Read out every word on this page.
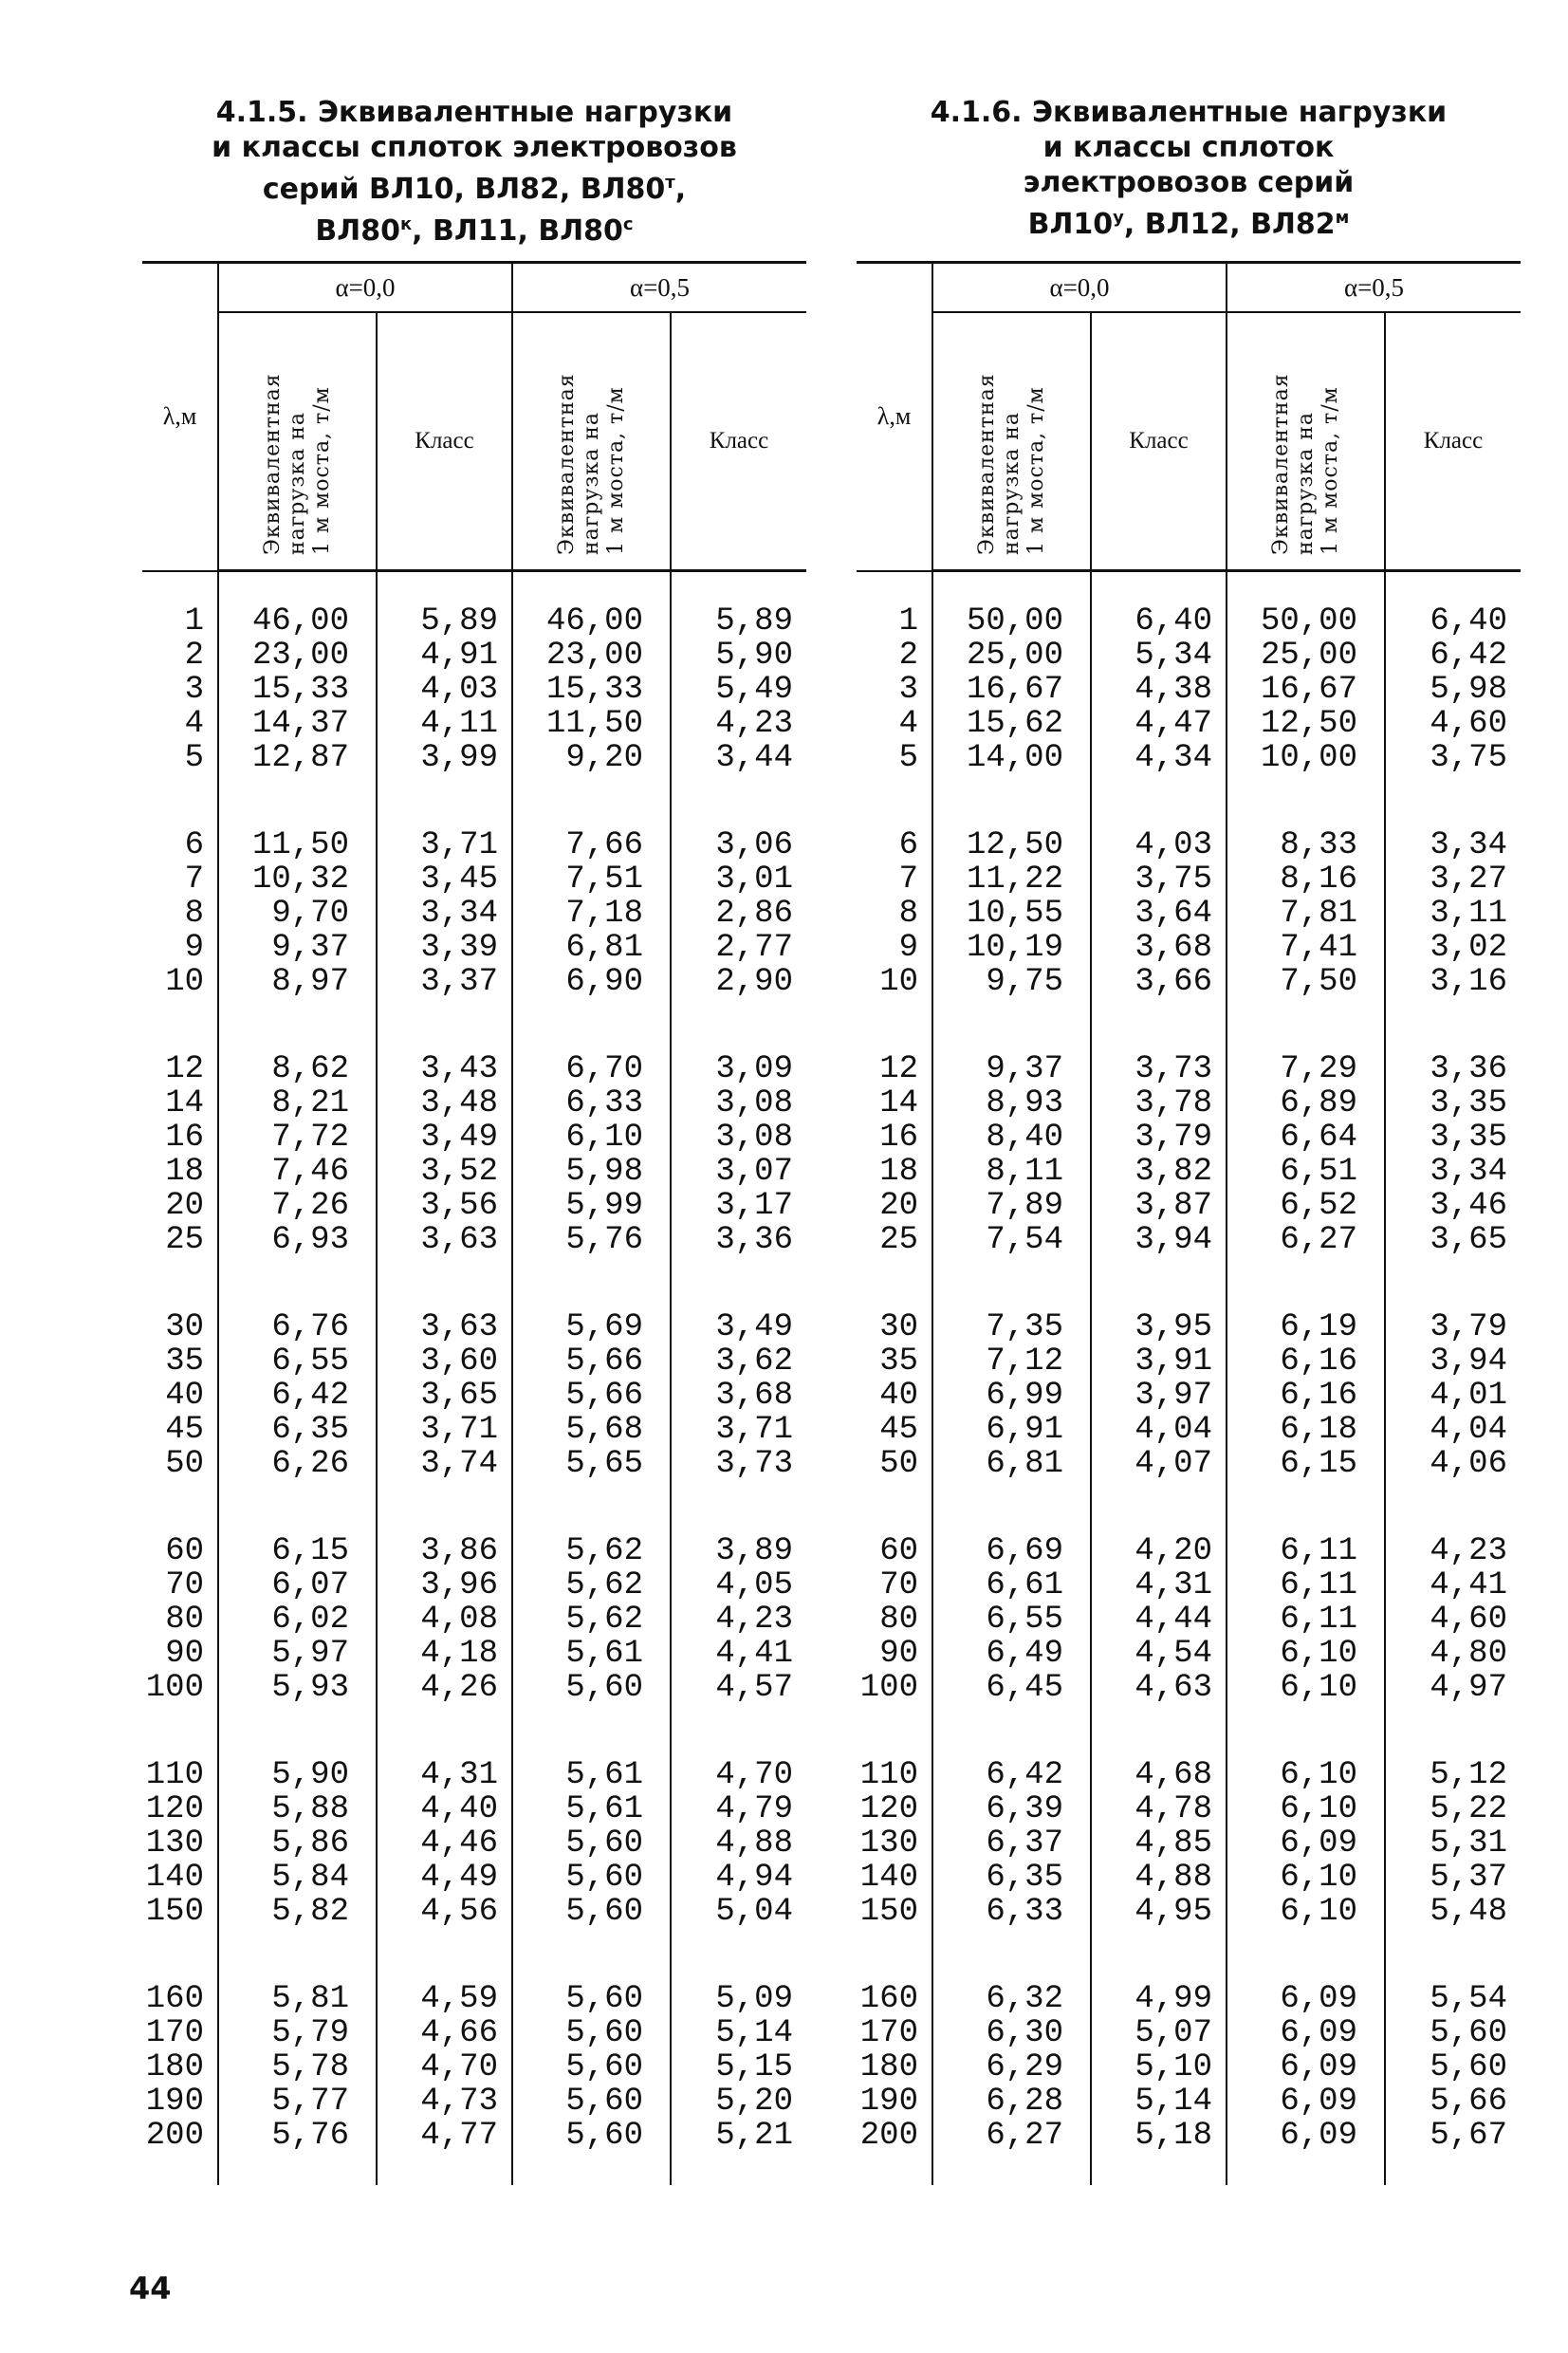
4.1.5. Эквивалентные нагрузки
и классы сплоток электровозов
серий ВЛ10, ВЛ82, $ВЛ80^т$,
$ВЛ80^к$, ВЛ11, $ВЛ80^с$
λ,м	α=0,0		α=0,5	

	Эквивалентная
нагрузка на
1 м моста, т/м	Класс	Эквивалентная
нагрузка на
1 м моста, т/м	Класс

1	46,00	5,89	46,00	5,89
2	23,00	4,91	23,00	5,90
3	15,33	4,03	15,33	5,49
4	14,37	4,11	11,50	4,23
5	12,87	3,99	9,20	3,44

6	11,50	3,71	7,66	3,06
7	10,32	3,45	7,51	3,01
8	9,70	3,34	7,18	2,86
9	9,37	3,39	6,81	2,77
10	8,97	3,37	6,90	2,90

12	8,62	3,43	6,70	3,09
14	8,21	3,48	6,33	3,08
16	7,72	3,49	6,10	3,08
18	7,46	3,52	5,98	3,07
20	7,26	3,56	5,99	3,17
25	6,93	3,63	5,76	3,36

30	6,76	3,63	5,69	3,49
35	6,55	3,60	5,66	3,62
40	6,42	3,65	5,66	3,68
45	6,35	3,71	5,68	3,71
50	6,26	3,74	5,65	3,73

60	6,15	3,86	5,62	3,89
70	6,07	3,96	5,62	4,05
80	6,02	4,08	5,62	4,23
90	5,97	4,18	5,61	4,41
100	5,93	4,26	5,60	4,57

110	5,90	4,31	5,61	4,70
120	5,88	4,40	5,61	4,79
130	5,86	4,46	5,60	4,88
140	5,84	4,49	5,60	4,94
150	5,82	4,56	5,60	5,04

160	5,81	4,59	5,60	5,09
170	5,79	4,66	5,60	5,14
180	5,78	4,70	5,60	5,15
190	5,77	4,73	5,60	5,20
200	5,76	4,77	5,60	5,21

4.1.6. Эквивалентные нагрузки
и классы сплоток
электровозов серий
$ВЛ10^у$, ВЛ12, $ВЛ82^м$
λ,м	α=0,0		α=0,5	

	Эквивалентная
нагрузка на
1 м моста, т/м	Класс	Эквивалентная
нагрузка на
1 м моста, т/м	Класс

1	50,00	6,40	50,00	6,40
2	25,00	5,34	25,00	6,42
3	16,67	4,38	16,67	5,98
4	15,62	4,47	12,50	4,60
5	14,00	4,34	10,00	3,75

6	12,50	4,03	8,33	3,34
7	11,22	3,75	8,16	3,27
8	10,55	3,64	7,81	3,11
9	10,19	3,68	7,41	3,02
10	9,75	3,66	7,50	3,16

12	9,37	3,73	7,29	3,36
14	8,93	3,78	6,89	3,35
16	8,40	3,79	6,64	3,35
18	8,11	3,82	6,51	3,34
20	7,89	3,87	6,52	3,46
25	7,54	3,94	6,27	3,65

30	7,35	3,95	6,19	3,79
35	7,12	3,91	6,16	3,94
40	6,99	3,97	6,16	4,01
45	6,91	4,04	6,18	4,04
50	6,81	4,07	6,15	4,06

60	6,69	4,20	6,11	4,23
70	6,61	4,31	6,11	4,41
80	6,55	4,44	6,11	4,60
90	6,49	4,54	6,10	4,80
100	6,45	4,63	6,10	4,97

110	6,42	4,68	6,10	5,12
120	6,39	4,78	6,10	5,22
130	6,37	4,85	6,09	5,31
140	6,35	4,88	6,10	5,37
150	6,33	4,95	6,10	5,48

160	6,32	4,99	6,09	5,54
170	6,30	5,07	6,09	5,60
180	6,29	5,10	6,09	5,60
190	6,28	5,14	6,09	5,66
200	6,27	5,18	6,09	5,67

44
